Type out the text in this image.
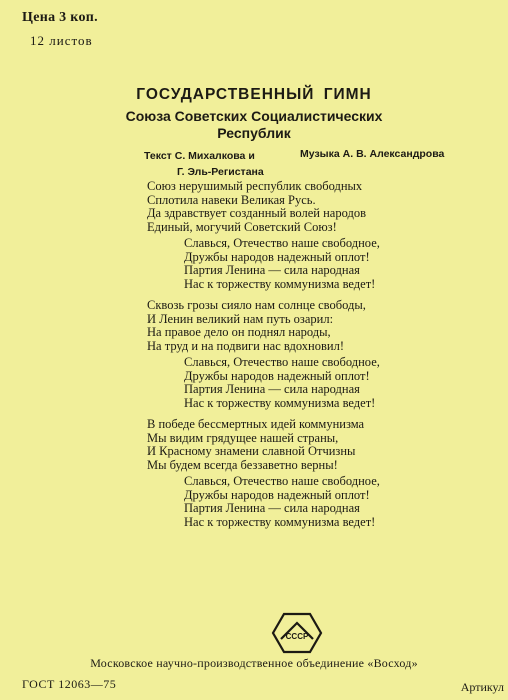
Цена 3 коп.
12 листов
ГОСУДАРСТВЕННЫЙ ГИМН
Союза Советских Социалистических
Республик
Текст С. Михалкова и
Г. Эль-Регистана
Музыка А. В. Александрова
Союз нерушимый республик свободных
Сплотила навеки Великая Русь.
Да здравствует созданный волей народов
Единый, могучий Советский Союз!
Славься, Отечество наше свободное,
Дружбы народов надежный оплот!
Партия Ленина — сила народная
Нас к торжеству коммунизма ведет!
Сквозь грозы сияло нам солнце свободы,
И Ленин великий нам путь озарил:
На правое дело он поднял народы,
На труд и на подвиги нас вдохновил!
Славься, Отечество наше свободное,
Дружбы народов надежный оплот!
Партия Ленина — сила народная
Нас к торжеству коммунизма ведет!
В победе бессмертных идей коммунизма
Мы видим грядущее нашей страны,
И Красному знамени славной Отчизны
Мы будем всегда беззаветно верны!
Славься, Отечество наше свободное,
Дружбы народов надежный оплот!
Партия Ленина — сила народная
Нас к торжеству коммунизма ведет!
СССР
Московское научно-производственное объединение «Восход»
ГОСТ 12063—75	Артикул
